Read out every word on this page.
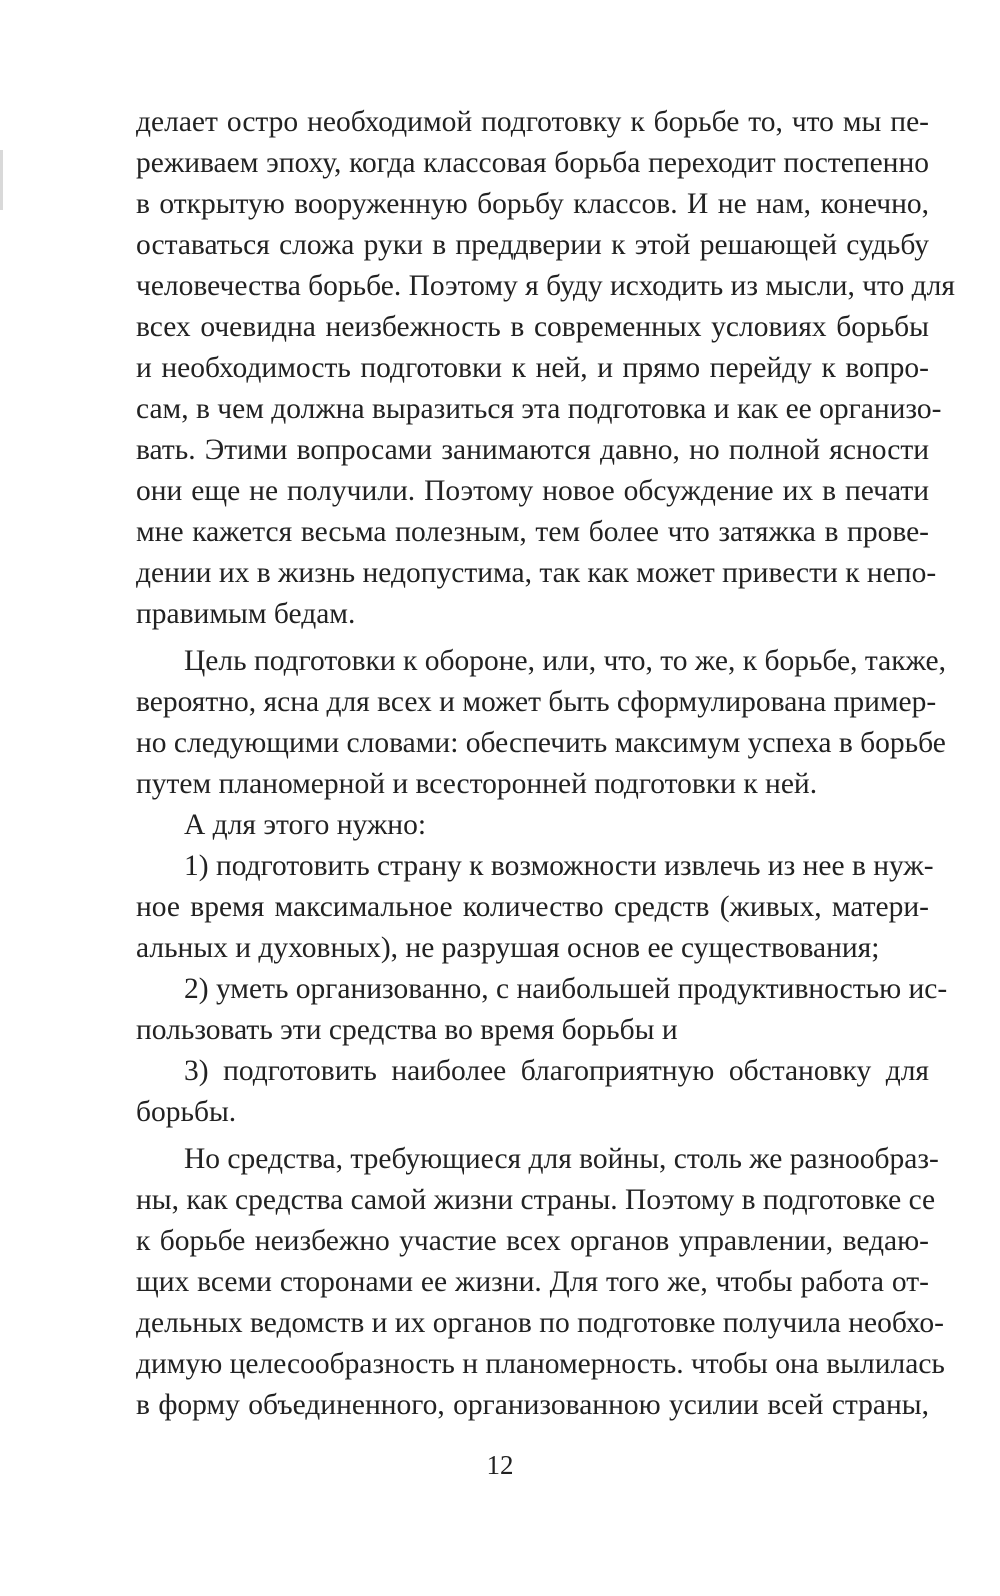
делает остро необходимой подготовку к борьбе то, что мы пе-
реживаем эпоху, когда классовая борьба переходит постепенно
в открытую вооруженную борьбу классов. И не нам, конечно,
оставаться сложа руки в преддверии к этой решающей судьбу
человечества борьбе. Поэтому я буду исходить из мысли, что для
всех очевидна неизбежность в современных условиях борьбы
и необходимость подготовки к ней, и прямо перейду к вопро-
сам, в чем должна выразиться эта подготовка и как ее организо-
вать. Этими вопросами занимаются давно, но полной ясности
они еще не получили. Поэтому новое обсуждение их в печати
мне кажется весьма полезным, тем более что затяжка в прове-
дении их в жизнь недопустима, так как может привести к непо-
правимым бедам.
Цель подготовки к обороне, или, что, то же, к борьбе, также,
вероятно, ясна для всех и может быть сформулирована пример-
но следующими словами: обеспечить максимум успеха в борьбе
путем планомерной и всесторонней подготовки к ней.
А для этого нужно:
1) подготовить страну к возможности извлечь из нее в нуж-
ное время максимальное количество средств (живых, матери-
альных и духовных), не разрушая основ ее существования;
2) уметь организованно, с наибольшей продуктивностью ис-
пользовать эти средства во время борьбы и
3) подготовить наиболее благоприятную обстановку для
борьбы.
Но средства, требующиеся для войны, столь же разнообраз-
ны, как средства самой жизни страны. Поэтому в подготовке се
к борьбе неизбежно участие всех органов управлении, ведаю-
щих всеми сторонами ее жизни. Для того же, чтобы работа от-
дельных ведомств и их органов по подготовке получила необхо-
димую целесообразность н планомерность. чтобы она вылилась
в форму объединенного, организованною усилии всей страны,
12
